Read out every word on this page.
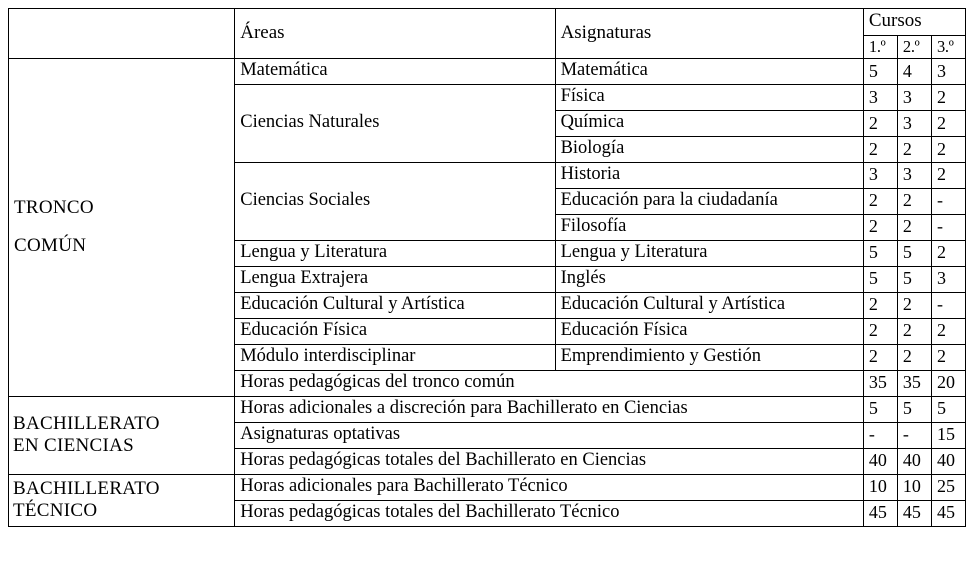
	Áreas	Asignaturas	Cursos		
			1.º	2.º	3.º

TRONCO
COMÚN	Matemática	Matemática	5	4	3
	Ciencias Naturales	Física	3	3	2
		Química	2	3	2
		Biología	2	2	2
	Ciencias Sociales	Historia	3	3	2
		Educación para la ciudadanía	2	2	-
		Filosofía	2	2	-
	Lengua y Literatura	Lengua y Literatura	5	5	2
	Lengua Extrajera	Inglés	5	5	3
	Educación Cultural y Artística	Educación Cultural y Artística	2	2	-
	Educación Física	Educación Física	2	2	2
	Módulo interdisciplinar	Emprendimiento y Gestión	2	2	2
	Horas pedagógicas del tronco común		35	35	20

BACHILLERATO
EN CIENCIAS	Horas adicionales a discreción para Bachillerato en Ciencias		5	5	5
	Asignaturas optativas		-	-	15
	Horas pedagógicas totales del Bachillerato en Ciencias		40	40	40

BACHILLERATO
TÉCNICO	Horas adicionales para Bachillerato Técnico		10	10	25
	Horas pedagógicas totales del Bachillerato Técnico		45	45	45
